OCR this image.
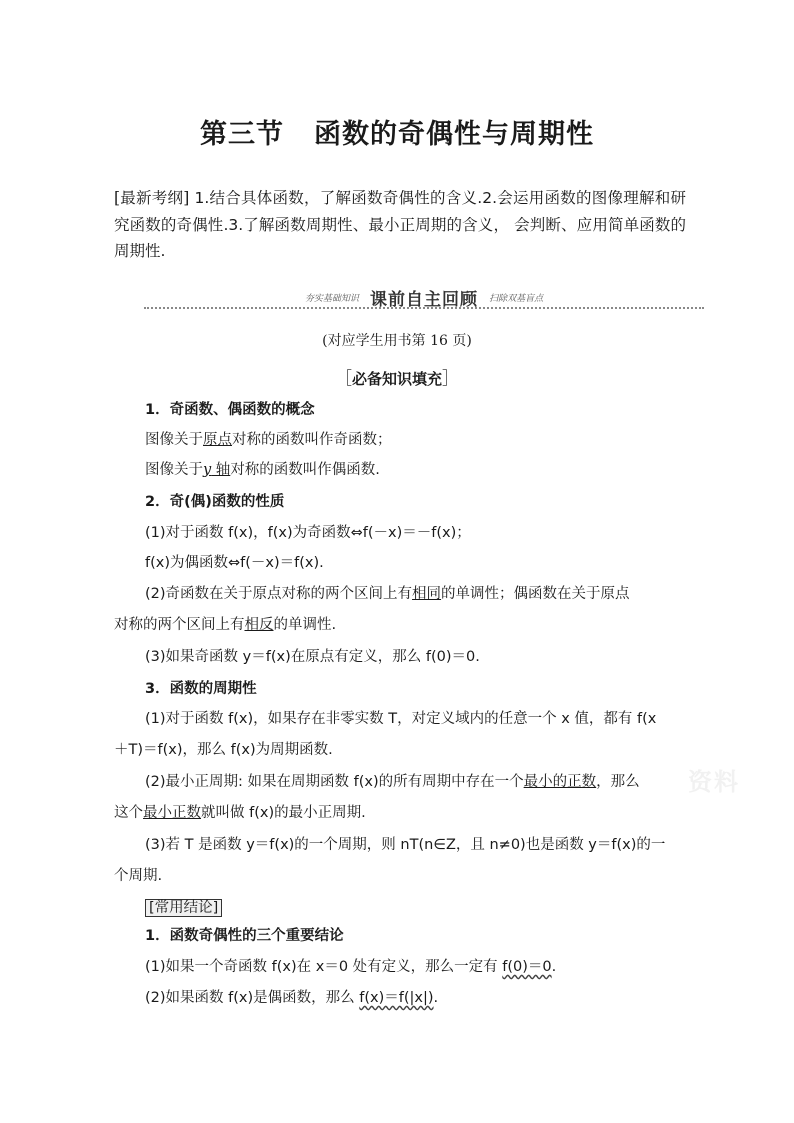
第三节 函数的奇偶性与周期性
[最新考纲] 1.结合具体函数，了解函数奇偶性的含义.2.会运用函数的图像理解和研究函数的奇偶性.3.了解函数周期性、最小正周期的含义， 会判断、应用简单函数的周期性.
夯实基础知识 课前自主回顾 扫除双基盲点
(对应学生用书第 16 页)
［必备知识填充］
1．奇函数、偶函数的概念
图像关于原点对称的函数叫作奇函数；
图像关于y 轴对称的函数叫作偶函数.
2．奇(偶)函数的性质
(1)对于函数 f(x)，f(x)为奇函数⇔f(－x)＝－f(x)；
f(x)为偶函数⇔f(－x)＝f(x).
(2)奇函数在关于原点对称的两个区间上有相同的单调性；偶函数在关于原点
对称的两个区间上有相反的单调性.
(3)如果奇函数 y＝f(x)在原点有定义，那么 f(0)＝0.
3．函数的周期性
(1)对于函数 f(x)，如果存在非零实数 T，对定义域内的任意一个 x 值，都有 f(x
＋T)＝f(x)，那么 f(x)为周期函数.
(2)最小正周期: 如果在周期函数 f(x)的所有周期中存在一个最小的正数，那么
这个最小正数就叫做 f(x)的最小正周期.
(3)若 T 是函数 y＝f(x)的一个周期，则 nT(n∈Z，且 n≠0)也是函数 y＝f(x)的一
个周期.
[常用结论]
1．函数奇偶性的三个重要结论
(1)如果一个奇函数 f(x)在 x＝0 处有定义，那么一定有 f(0)＝0.
(2)如果函数 f(x)是偶函数，那么 f(x)＝f(|x|).
资料
